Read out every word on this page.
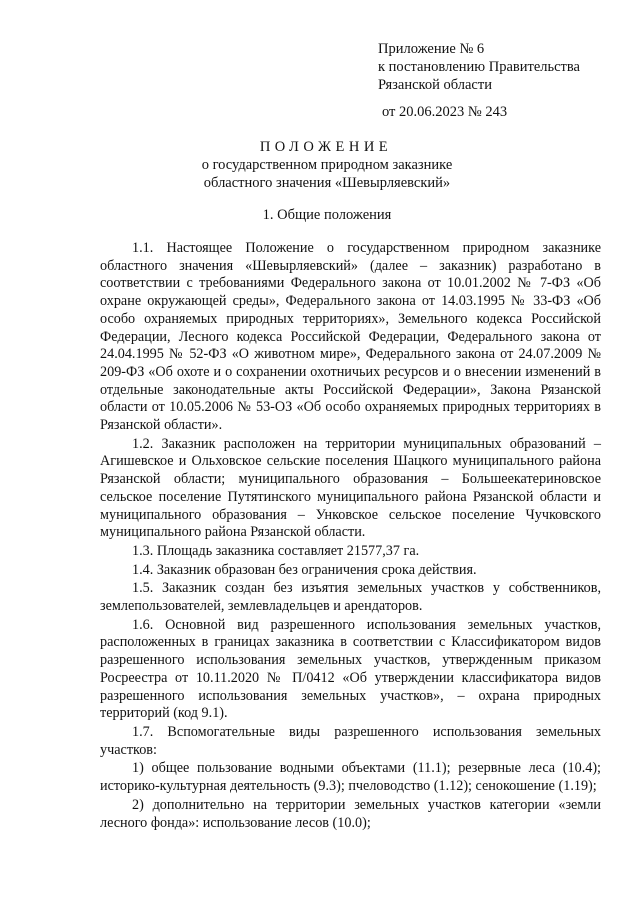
Приложение № 6
к постановлению Правительства
Рязанской области
от 20.06.2023 № 243
ПОЛОЖЕНИЕ
о государственном природном заказнике
областного значения «Шевырляевский»
1. Общие положения

1.1. Настоящее Положение о государственном природном заказнике областного значения «Шевырляевский» (далее – заказник) разработано в соответствии с требованиями Федерального закона от 10.01.2002 № 7-ФЗ «Об охране окружающей среды», Федерального закона от 14.03.1995 № 33-ФЗ «Об особо охраняемых природных территориях», Земельного кодекса Российской Федерации, Лесного кодекса Российской Федерации, Федерального закона от 24.04.1995 № 52-ФЗ «О животном мире», Федерального закона от 24.07.2009 № 209-ФЗ «Об охоте и о сохранении охотничьих ресурсов и о внесении изменений в отдельные законодательные акты Российской Федерации», Закона Рязанской области от 10.05.2006 № 53-ОЗ «Об особо охраняемых природных территориях в Рязанской области».

1.2. Заказник расположен на территории муниципальных образований – Агишевское и Ольховское сельские поселения Шацкого муниципального района Рязанской области; муниципального образования – Большеекатериновское сельское поселение Путятинского муниципального района Рязанской области и муниципального образования – Унковское сельское поселение Чучковского муниципального района Рязанской области.

1.3. Площадь заказника составляет 21577,37 га.

1.4. Заказник образован без ограничения срока действия.

1.5. Заказник создан без изъятия земельных участков у собственников, землепользователей, землевладельцев и арендаторов.

1.6. Основной вид разрешенного использования земельных участков, расположенных в границах заказника в соответствии с Классификатором видов разрешенного использования земельных участков, утвержденным приказом Росреестра от 10.11.2020 № П/0412 «Об утверждении классификатора видов разрешенного использования земельных участков», – охрана природных территорий (код 9.1).

1.7. Вспомогательные виды разрешенного использования земельных участков:

1) общее пользование водными объектами (11.1); резервные леса (10.4); историко-культурная деятельность (9.3); пчеловодство (1.12); сенокошение (1.19);

2) дополнительно на территории земельных участков категории «земли лесного фонда»: использование лесов (10.0);
